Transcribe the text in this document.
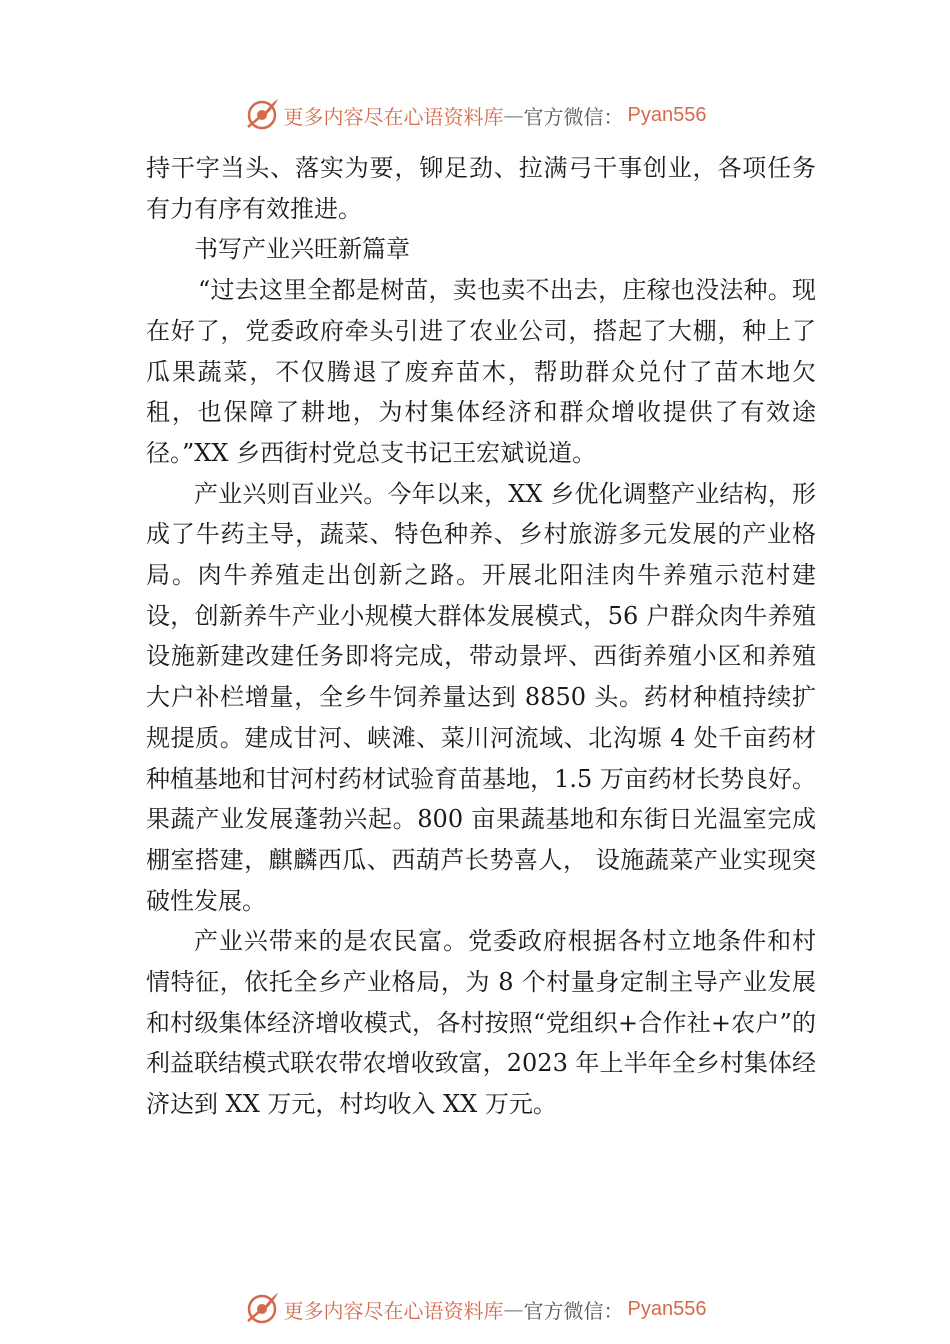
更多内容尽在心语资料库 — 官方微信： Pyan556

持干字当头、落实为要，铆足劲、拉满弓干事创业，各项任务有力有序有效推进。

书写产业兴旺新篇章

“过去这里全都是树苗，卖也卖不出去，庄稼也没法种。现在好了，党委政府牵头引进了农业公司，搭起了大棚，种上了瓜果蔬菜，不仅腾退了废弃苗木，帮助群众兑付了苗木地欠租，也保障了耕地，为村集体经济和群众增收提供了有效途径。”XX 乡西街村党总支书记王宏斌说道。

产业兴则百业兴。今年以来，XX 乡优化调整产业结构，形成了牛药主导，蔬菜、特色种养、乡村旅游多元发展的产业格局。肉牛养殖走出创新之路。开展北阳洼肉牛养殖示范村建设，创新养牛产业小规模大群体发展模式，56 户群众肉牛养殖设施新建改建任务即将完成，带动景坪、西街养殖小区和养殖大户补栏增量，全乡牛饲养量达到 8850 头。药材种植持续扩规提质。建成甘河、峡滩、菜川河流域、北沟塬 4 处千亩药材种植基地和甘河村药材试验育苗基地，1.5 万亩药材长势良好。果蔬产业发展蓬勃兴起。800 亩果蔬基地和东街日光温室完成棚室搭建，麒麟西瓜、西葫芦长势喜人， 设施蔬菜产业实现突破性发展。

产业兴带来的是农民富。党委政府根据各村立地条件和村情特征，依托全乡产业格局，为 8 个村量身定制主导产业发展和村级集体经济增收模式，各村按照“党组织+合作社+农户”的利益联结模式联农带农增收致富，2023 年上半年全乡村集体经济达到 XX 万元，村均收入 XX 万元。

更多内容尽在心语资料库 — 官方微信： Pyan556
